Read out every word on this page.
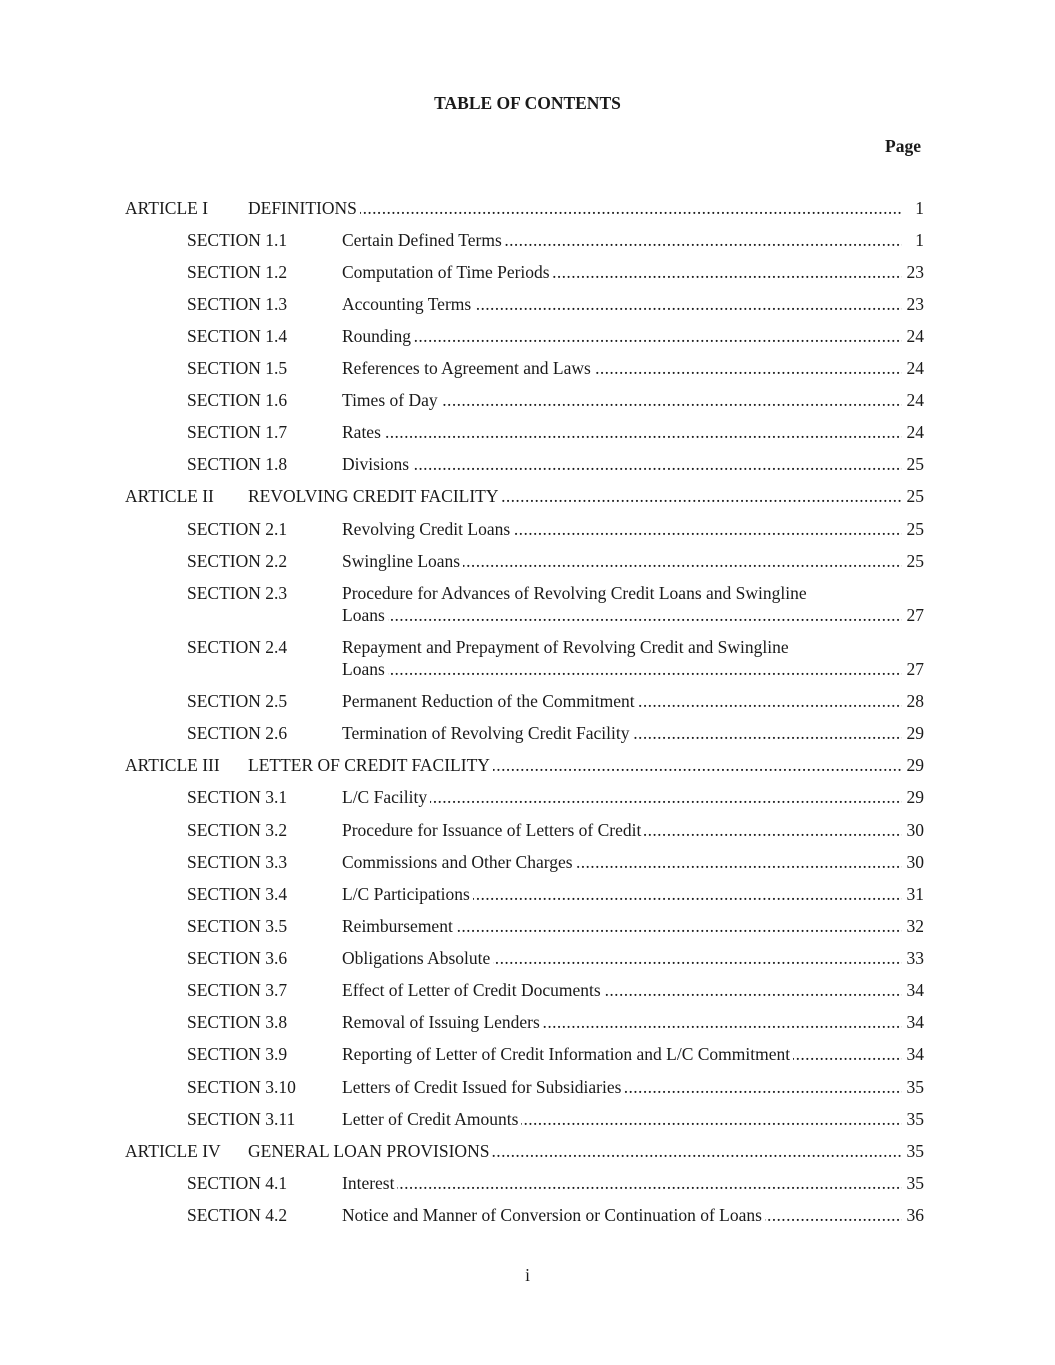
TABLE OF CONTENTS
Page
ARTICLE I DEFINITIONS .....	1
SECTION 1.1	Certain Defined Terms .....	1
SECTION 1.2	Computation of Time Periods .....	23
SECTION 1.3	Accounting Terms .....	23
SECTION 1.4	Rounding .....	24
SECTION 1.5	References to Agreement and Laws .....	24
SECTION 1.6	Times of Day .....	24
SECTION 1.7	Rates .....	24
SECTION 1.8	Divisions .....	25
ARTICLE II REVOLVING CREDIT FACILITY .....	25
SECTION 2.1	Revolving Credit Loans .....	25
SECTION 2.2	Swingline Loans .....	25
SECTION 2.3	Procedure for Advances of Revolving Credit Loans and Swingline
Loans .....	27
SECTION 2.4	Repayment and Prepayment of Revolving Credit and Swingline
Loans .....	27
SECTION 2.5	Permanent Reduction of the Commitment .....	28
SECTION 2.6	Termination of Revolving Credit Facility .....	29
ARTICLE III LETTER OF CREDIT FACILITY .....	29
SECTION 3.1	L/C Facility .....	29
SECTION 3.2	Procedure for Issuance of Letters of Credit .....	30
SECTION 3.3	Commissions and Other Charges .....	30
SECTION 3.4	L/C Participations .....	31
SECTION 3.5	Reimbursement .....	32
SECTION 3.6	Obligations Absolute .....	33
SECTION 3.7	Effect of Letter of Credit Documents .....	34
SECTION 3.8	Removal of Issuing Lenders .....	34
SECTION 3.9	Reporting of Letter of Credit Information and L/C Commitment .....	34
SECTION 3.10	Letters of Credit Issued for Subsidiaries .....	35
SECTION 3.11	Letter of Credit Amounts .....	35
ARTICLE IV GENERAL LOAN PROVISIONS .....	35
SECTION 4.1	Interest .....	35
SECTION 4.2	Notice and Manner of Conversion or Continuation of Loans .....	36
i
